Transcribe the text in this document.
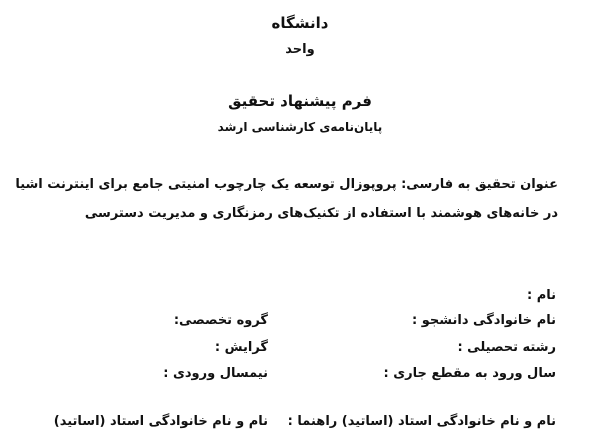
دانشگاه
واحد
فرم پیشنهاد تحقیق
پایان‌نامه‌ی کارشناسی ارشد
عنوان تحقیق به فارسی: پروپوزال توسعه یک چارچوب امنیتی جامع برای اینترنت اشیا
در خانه‌های هوشمند با استفاده از تکنیک‌های رمزنگاری و مدیریت دسترسی
نام :
نام خانوادگی دانشجو :
گروه تخصصی:
رشته تحصیلی :
گرایش :
سال ورود به مقطع جاری :
نیمسال ورودی :
نام و نام خانوادگی استاد (اساتید) راهنما :
نام و نام خانوادگی استاد (اساتید)
